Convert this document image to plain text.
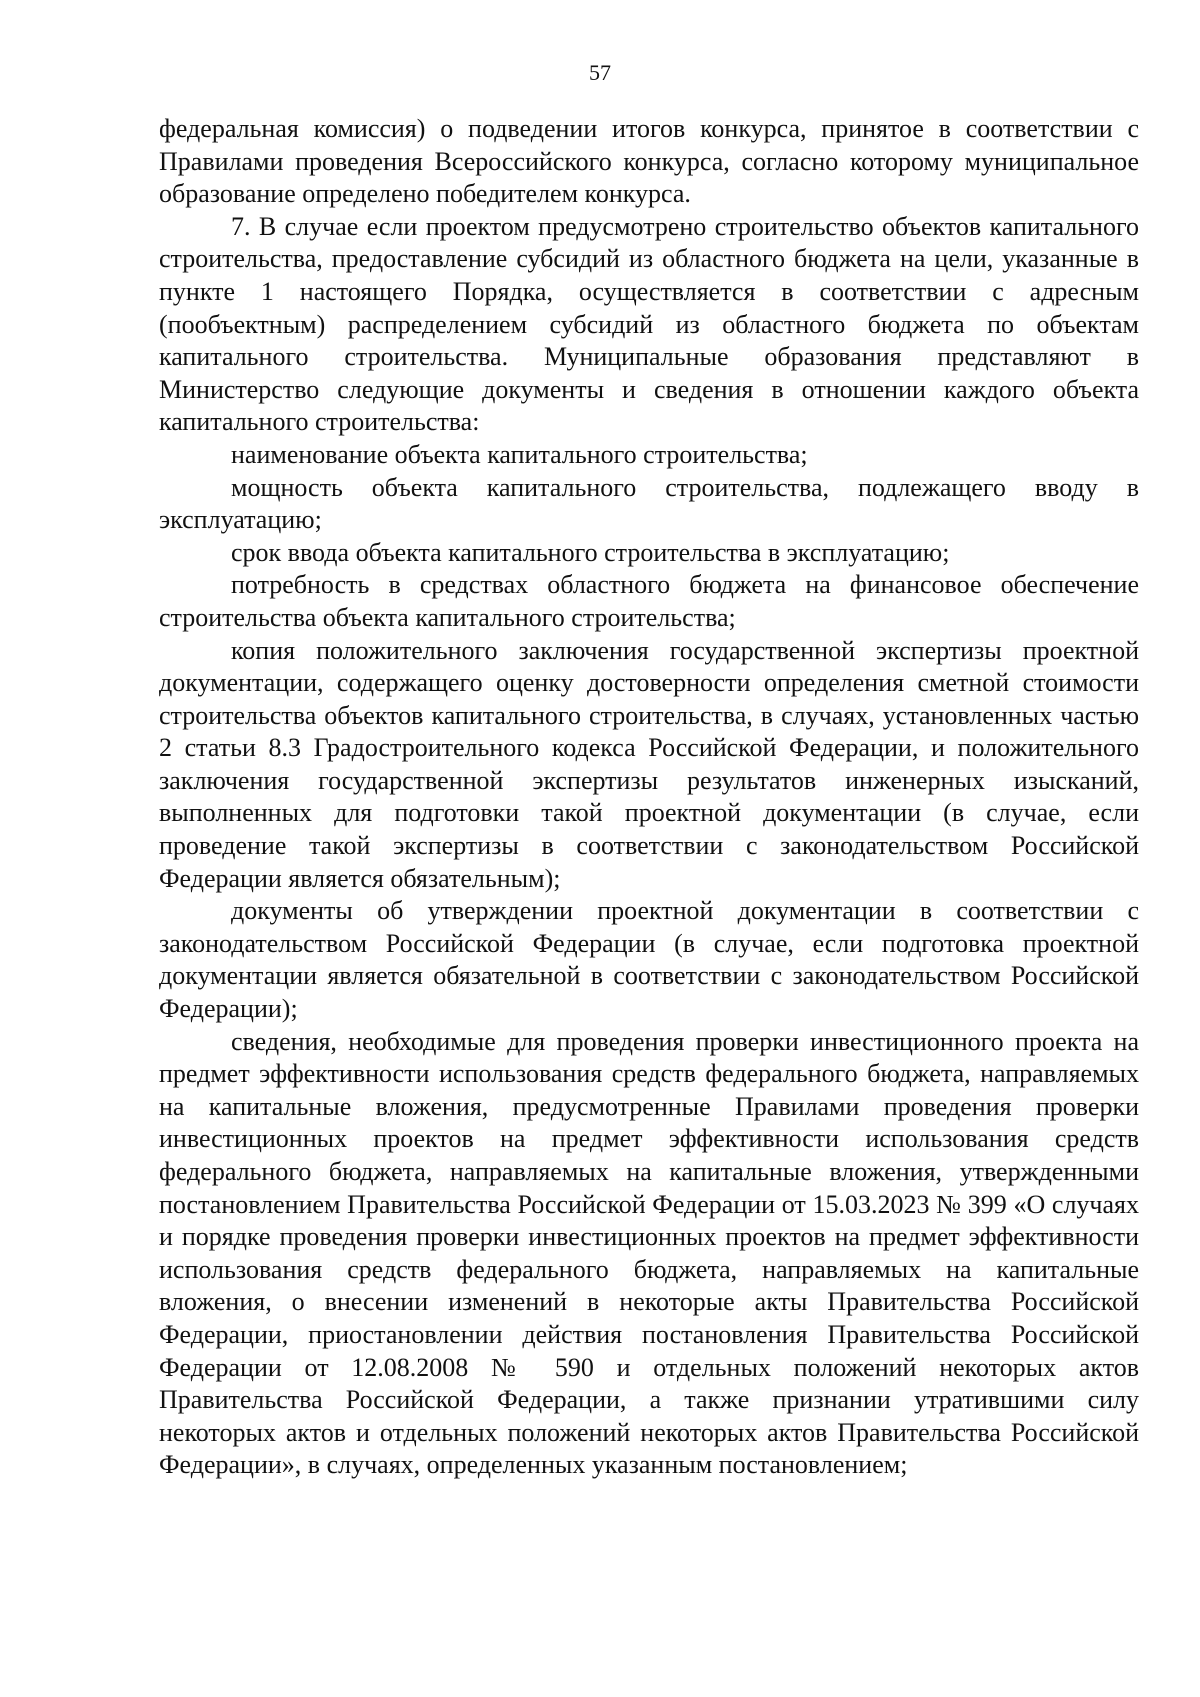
57

федеральная комиссия) о подведении итогов конкурса, принятое в соответствии с Правилами проведения Всероссийского конкурса, согласно которому муниципальное образование определено победителем конкурса.

7. В случае если проектом предусмотрено строительство объектов капитального строительства, предоставление субсидий из областного бюджета на цели, указанные в пункте 1 настоящего Порядка, осуществляется в соответствии с адресным (пообъектным) распределением субсидий из областного бюджета по объектам капитального строительства. Муниципальные образования представляют в Министерство следующие документы и сведения в отношении каждого объекта капитального строительства:

наименование объекта капитального строительства;

мощность объекта капитального строительства, подлежащего вводу в эксплуатацию;

срок ввода объекта капитального строительства в эксплуатацию;

потребность в средствах областного бюджета на финансовое обеспечение строительства объекта капитального строительства;

копия положительного заключения государственной экспертизы проектной документации, содержащего оценку достоверности определения сметной стоимости строительства объектов капитального строительства, в случаях, установленных частью 2 статьи 8.3 Градостроительного кодекса Российской Федерации, и положительного заключения государственной экспертизы результатов инженерных изысканий, выполненных для подготовки такой проектной документации (в случае, если проведение такой экспертизы в соответствии с законодательством Российской Федерации является обязательным);

документы об утверждении проектной документации в соответствии с законодательством Российской Федерации (в случае, если подготовка проектной документации является обязательной в соответствии с законодательством Российской Федерации);

сведения, необходимые для проведения проверки инвестиционного проекта на предмет эффективности использования средств федерального бюджета, направляемых на капитальные вложения, предусмотренные Правилами проведения проверки инвестиционных проектов на предмет эффективности использования средств федерального бюджета, направляемых на капитальные вложения, утвержденными постановлением Правительства Российской Федерации от 15.03.2023 № 399 «О случаях и порядке проведения проверки инвестиционных проектов на предмет эффективности использования средств федерального бюджета, направляемых на капитальные вложения, о внесении изменений в некоторые акты Правительства Российской Федерации, приостановлении действия постановления Правительства Российской Федерации от 12.08.2008 № 590 и отдельных положений некоторых актов Правительства Российской Федерации, а также признании утратившими силу некоторых актов и отдельных положений некоторых актов Правительства Российской Федерации», в случаях, определенных указанным постановлением;
